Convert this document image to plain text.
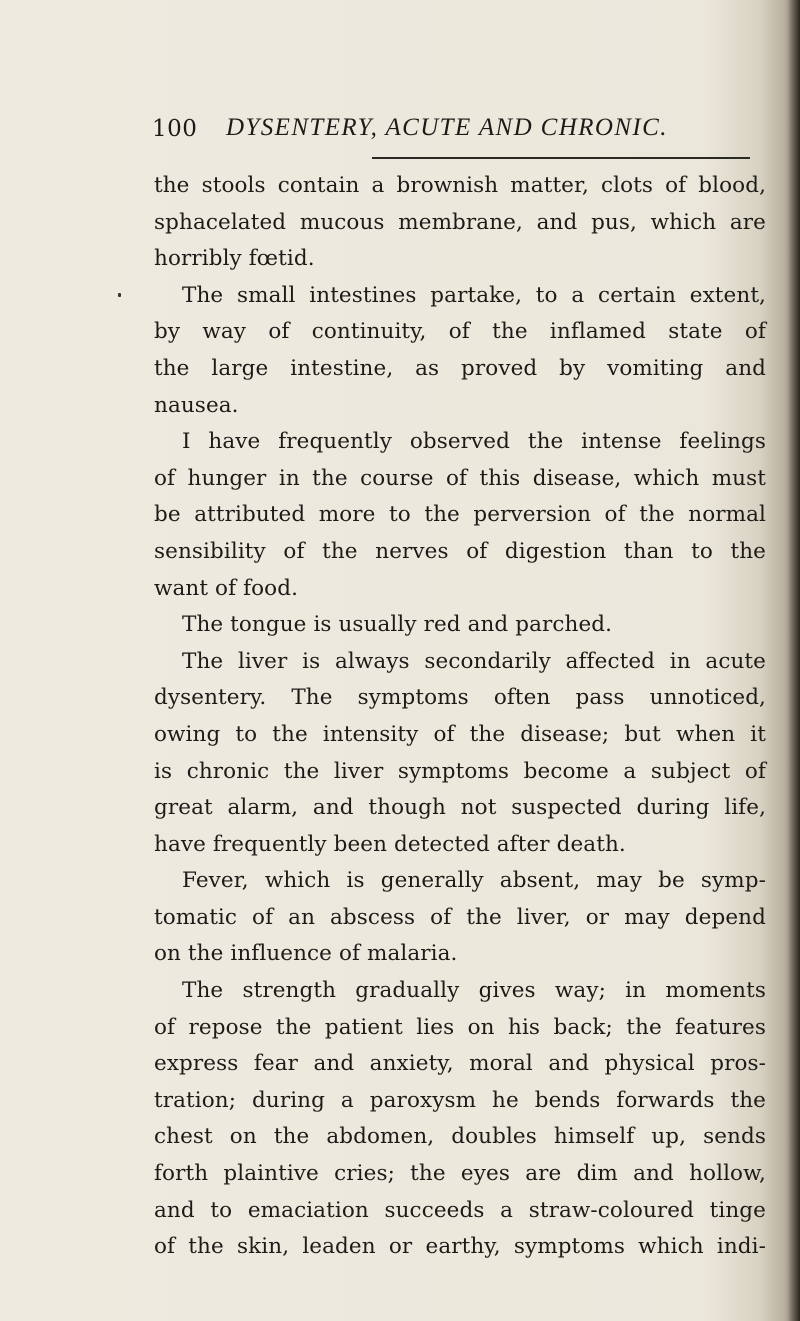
100 DYSENTERY, ACUTE AND CHRONIC.
the stools contain a brownish matter, clots of blood,
sphacelated mucous membrane, and pus, which are
horribly fœtid.
The small intestines partake, to a certain extent,
by way of continuity, of the inflamed state of
the large intestine, as proved by vomiting and
nausea.
I have frequently observed the intense feelings
of hunger in the course of this disease, which must
be attributed more to the perversion of the normal
sensibility of the nerves of digestion than to the
want of food.
The tongue is usually red and parched.
The liver is always secondarily affected in acute
dysentery. The symptoms often pass unnoticed,
owing to the intensity of the disease; but when it
is chronic the liver symptoms become a subject of
great alarm, and though not suspected during life,
have frequently been detected after death.
Fever, which is generally absent, may be symp-
tomatic of an abscess of the liver, or may depend
on the influence of malaria.
The strength gradually gives way; in moments
of repose the patient lies on his back; the features
express fear and anxiety, moral and physical pros-
tration; during a paroxysm he bends forwards the
chest on the abdomen, doubles himself up, sends
forth plaintive cries; the eyes are dim and hollow,
and to emaciation succeeds a straw-coloured tinge
of the skin, leaden or earthy, symptoms which indi-
